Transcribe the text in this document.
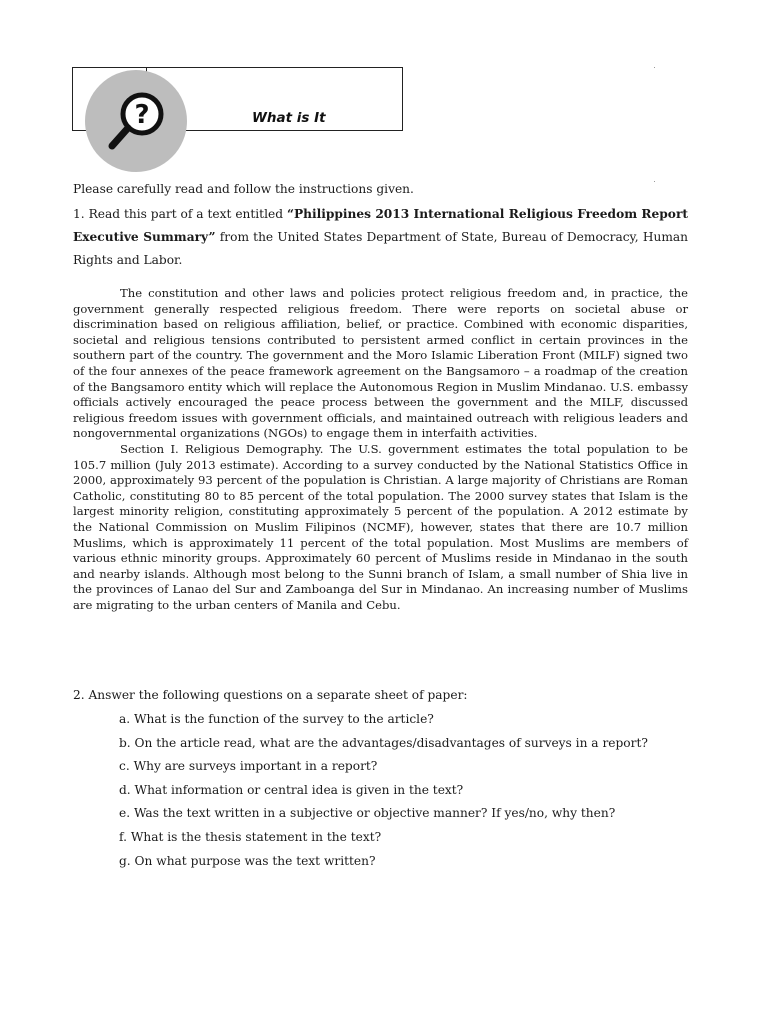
?	What is It
Please carefully read and follow the instructions given.
1. Read this part of a text entitled “Philippines 2013 International Religious Freedom Report Executive Summary” from the United States Department of State, Bureau of Democracy, Human Rights and Labor.

The constitution and other laws and policies protect religious freedom and, in practice, the government generally respected religious freedom. There were reports on societal abuse or discrimination based on religious affiliation, belief, or practice. Combined with economic disparities, societal and religious tensions contributed to persistent armed conflict in certain provinces in the southern part of the country. The government and the Moro Islamic Liberation Front (MILF) signed two of the four annexes of the peace framework agreement on the Bangsamoro – a roadmap of the creation of the Bangsamoro entity which will replace the Autonomous Region in Muslim Mindanao. U.S. embassy officials actively encouraged the peace process between the government and the MILF, discussed religious freedom issues with government officials, and maintained outreach with religious leaders and nongovernmental organizations (NGOs) to engage them in interfaith activities.

Section I. Religious Demography. The U.S. government estimates the total population to be 105.7 million (July 2013 estimate). According to a survey conducted by the National Statistics Office in 2000, approximately 93 percent of the population is Christian. A large majority of Christians are Roman Catholic, constituting 80 to 85 percent of the total population. The 2000 survey states that Islam is the largest minority religion, constituting approximately 5 percent of the population. A 2012 estimate by the National Commission on Muslim Filipinos (NCMF), however, states that there are 10.7 million Muslims, which is approximately 11 percent of the total population. Most Muslims are members of various ethnic minority groups. Approximately 60 percent of Muslims reside in Mindanao in the south and nearby islands. Although most belong to the Sunni branch of Islam, a small number of Shia live in the provinces of Lanao del Sur and Zamboanga del Sur in Mindanao. An increasing number of Muslims are migrating to the urban centers of Manila and Cebu.

2. Answer the following questions on a separate sheet of paper:
a. What is the function of the survey to the article?
b. On the article read, what are the advantages/disadvantages of surveys in a report?
c. Why are surveys important in a report?
d. What information or central idea is given in the text?
e. Was the text written in a subjective or objective manner? If yes/no, why then?
f. What is the thesis statement in the text?
g. On what purpose was the text written?
